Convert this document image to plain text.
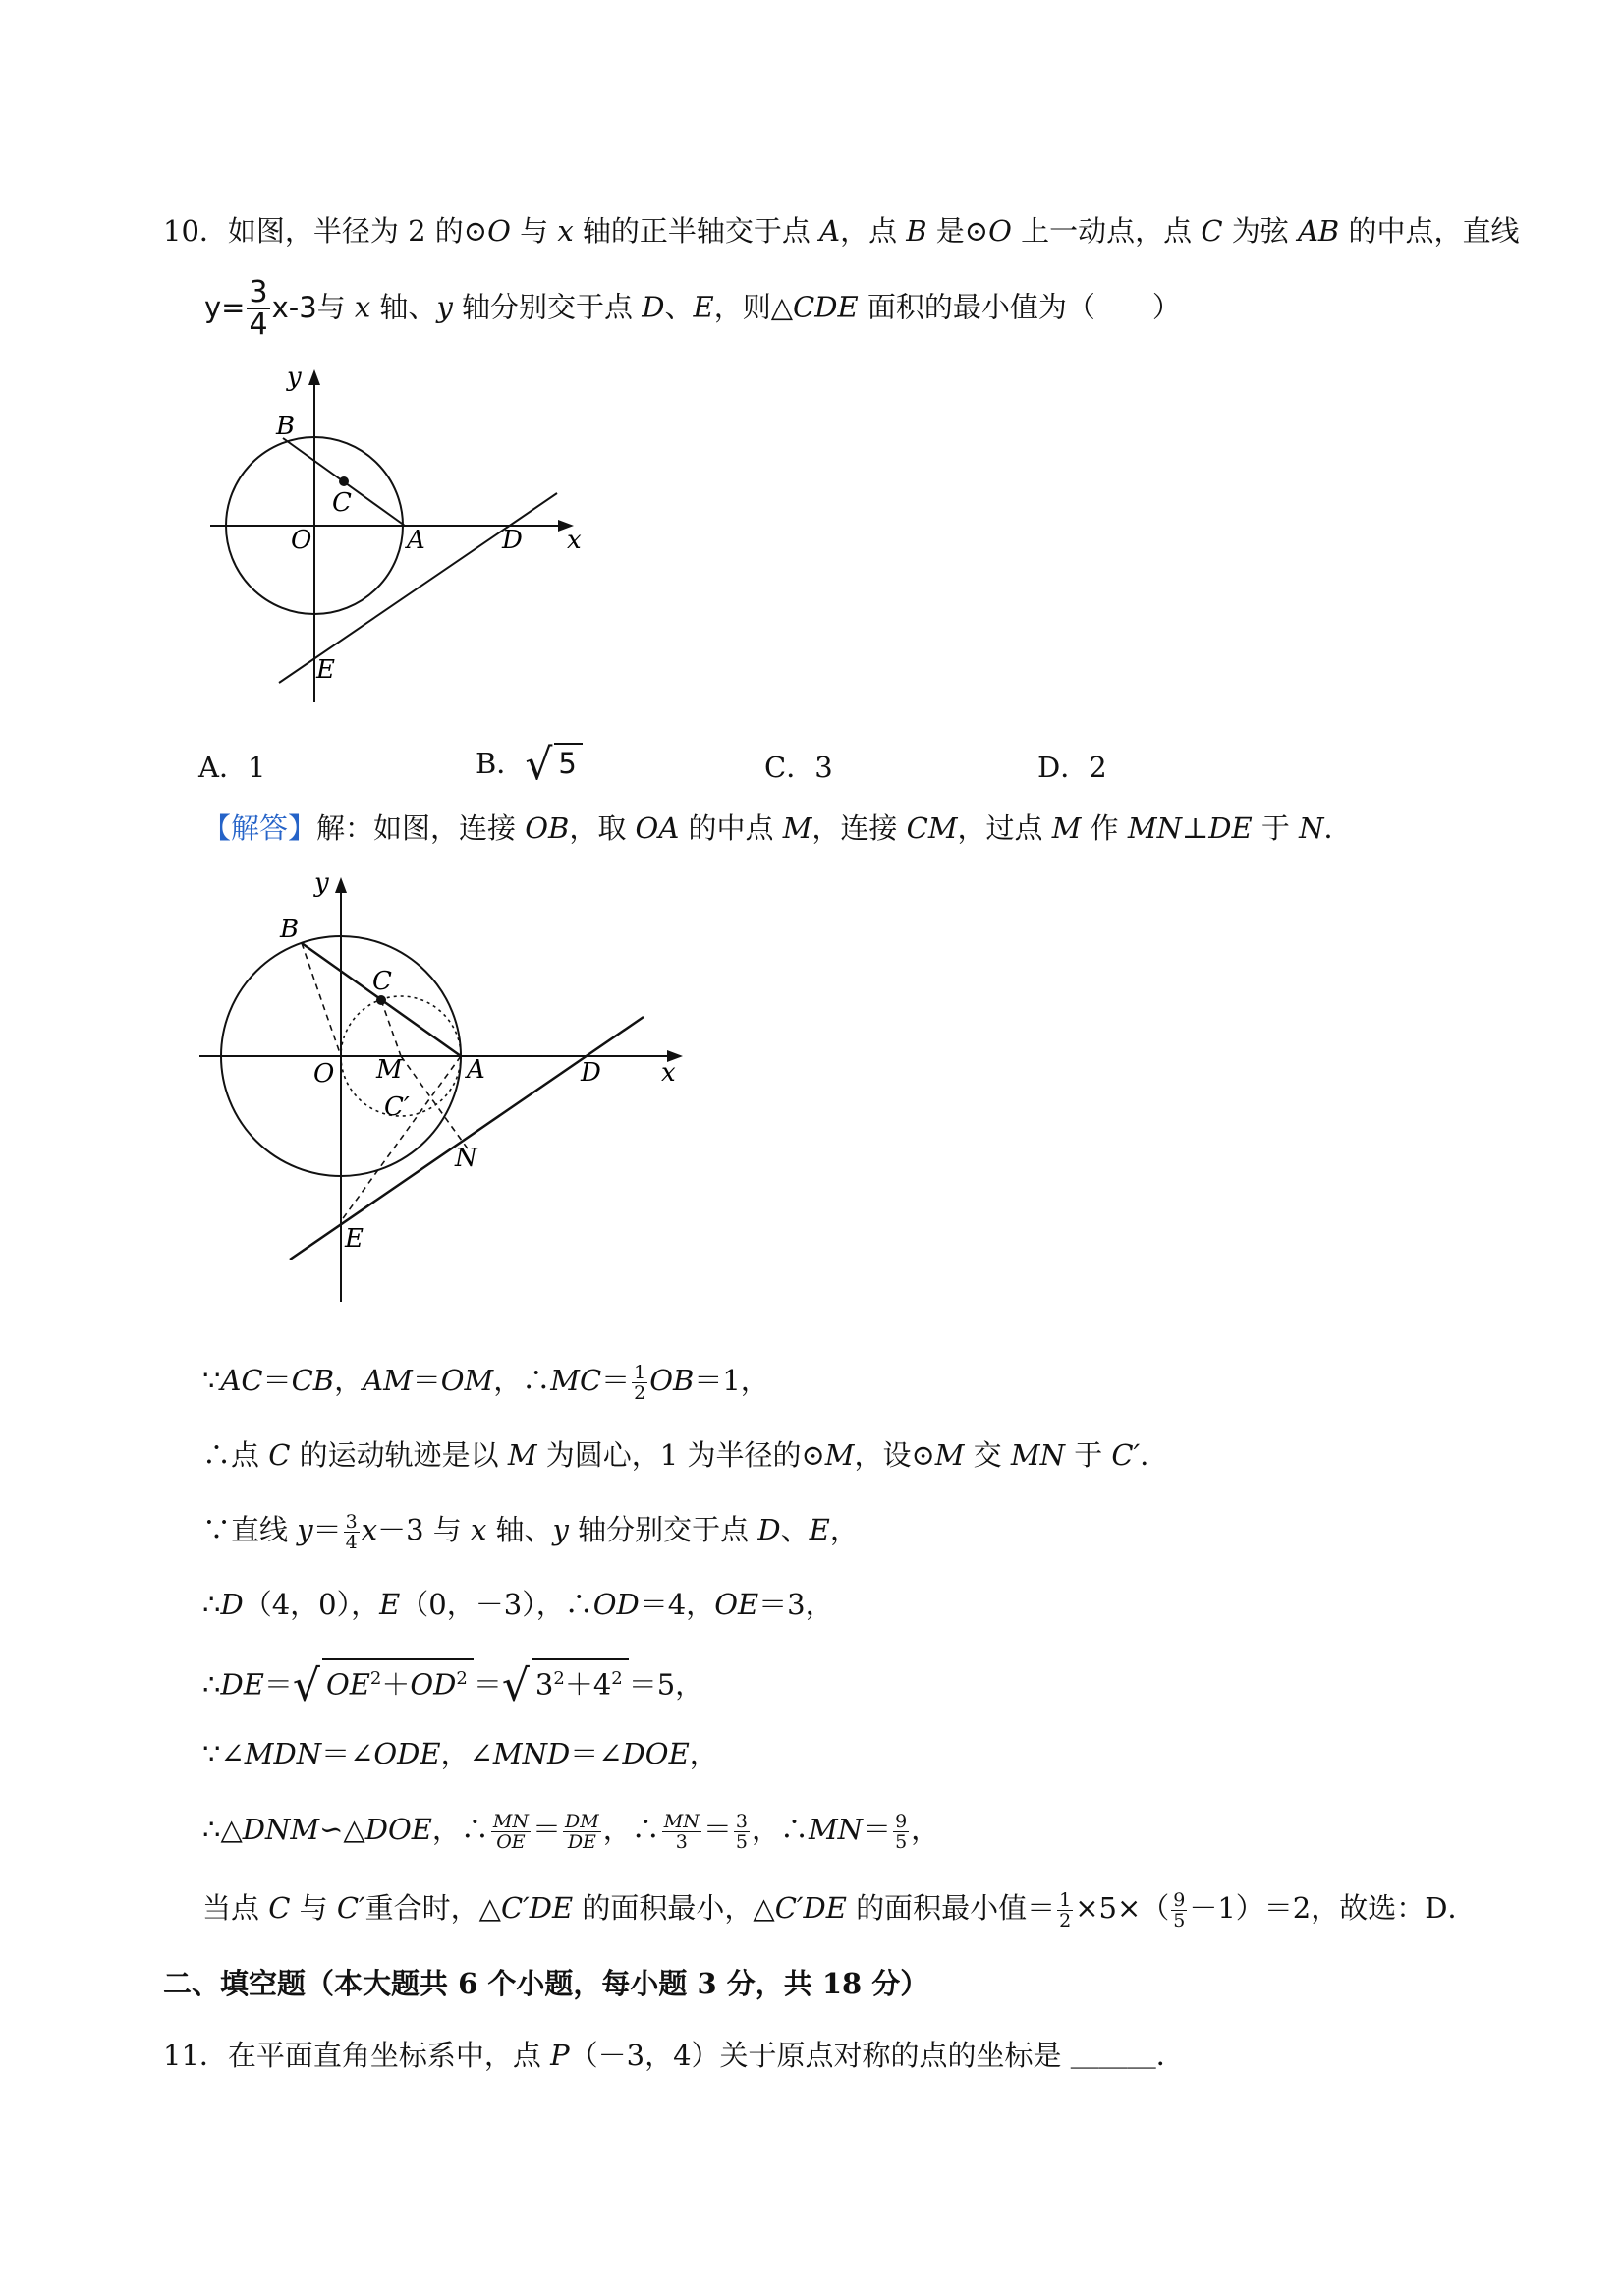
10．如图，半径为 2 的⊙O 与 x 轴的正半轴交于点 A，点 B 是⊙O 上一动点，点 C 为弦 AB 的中点，直线
$y= \frac{3}{4} x-3$与 x 轴、y 轴分别交于点 D、E，则△CDE 面积的最小值为（　　）
y
x
B
C
O	A	D
E
A．1	B．√ 5	C．3	D．2
【解答】解：如图，连接 OB，取 OA 的中点 M，连接 CM，过点 M 作 MN⊥DE 于 N．
y
x
B
C
O M	A	D
C′
N
E
∵AC＝CB，AM＝OM，∴MC＝ $\frac{1}{2} OB=1$，
∴点 C 的运动轨迹是以 M 为圆心，1 为半径的⊙M，设⊙M 交 MN 于 C′．
∵直线 $y= \frac{3}{4} x-3$ 与 x 轴、y 轴分别交于点 D、E，
∴D（4，0），E（0，－3），∴OD＝4，OE＝3，
∴DE＝√ $OE^2+OD^2$ ＝√ $3^2+4^2 =5$，
∵∠MDN＝∠ODE，∠MND＝∠DOE，
∴△DNM∽△DOE，∴ $\frac{MN}{OE} = \frac{DM}{DE}$ ，∴ $\frac{MN}{3} = \frac{3}{5}$ ，∴MN＝ $\frac{9}{5}$ ，
当点 C 与 C′重合时，△C′DE 的面积最小，△C′DE 的面积最小值＝ $\frac{1}{2} \times 5\times( \frac{9}{5} -1)=2$，故选：D．
二、填空题（本大题共 6 个小题，每小题 3 分，共 18 分）
11．在平面直角坐标系中，点 P（－3，4）关于原点对称的点的坐标是 ＿＿＿．
